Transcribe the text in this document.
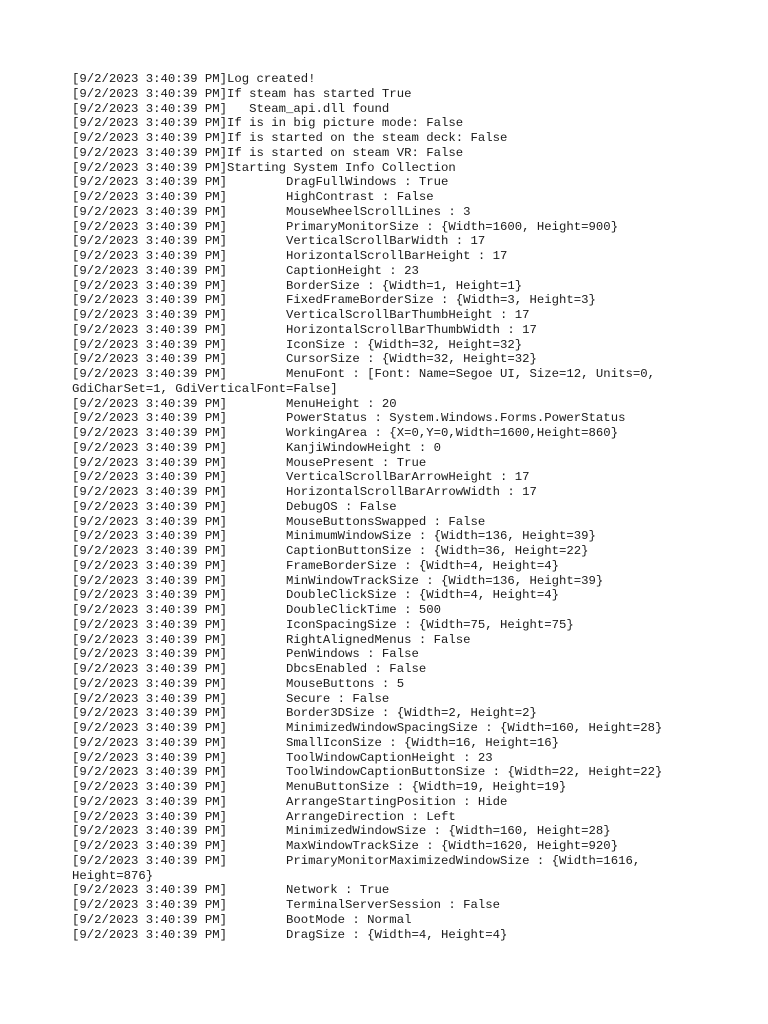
[9/2/2023 3:40:39 PM]Log created!
[9/2/2023 3:40:39 PM]If steam has started True
[9/2/2023 3:40:39 PM]   Steam_api.dll found
[9/2/2023 3:40:39 PM]If is in big picture mode: False
[9/2/2023 3:40:39 PM]If is started on the steam deck: False
[9/2/2023 3:40:39 PM]If is started on steam VR: False
[9/2/2023 3:40:39 PM]Starting System Info Collection
[9/2/2023 3:40:39 PM]        DragFullWindows : True
[9/2/2023 3:40:39 PM]        HighContrast : False
[9/2/2023 3:40:39 PM]        MouseWheelScrollLines : 3
[9/2/2023 3:40:39 PM]        PrimaryMonitorSize : {Width=1600, Height=900}
[9/2/2023 3:40:39 PM]        VerticalScrollBarWidth : 17
[9/2/2023 3:40:39 PM]        HorizontalScrollBarHeight : 17
[9/2/2023 3:40:39 PM]        CaptionHeight : 23
[9/2/2023 3:40:39 PM]        BorderSize : {Width=1, Height=1}
[9/2/2023 3:40:39 PM]        FixedFrameBorderSize : {Width=3, Height=3}
[9/2/2023 3:40:39 PM]        VerticalScrollBarThumbHeight : 17
[9/2/2023 3:40:39 PM]        HorizontalScrollBarThumbWidth : 17
[9/2/2023 3:40:39 PM]        IconSize : {Width=32, Height=32}
[9/2/2023 3:40:39 PM]        CursorSize : {Width=32, Height=32}
[9/2/2023 3:40:39 PM]        MenuFont : [Font: Name=Segoe UI, Size=12, Units=0,
GdiCharSet=1, GdiVerticalFont=False]
[9/2/2023 3:40:39 PM]        MenuHeight : 20
[9/2/2023 3:40:39 PM]        PowerStatus : System.Windows.Forms.PowerStatus
[9/2/2023 3:40:39 PM]        WorkingArea : {X=0,Y=0,Width=1600,Height=860}
[9/2/2023 3:40:39 PM]        KanjiWindowHeight : 0
[9/2/2023 3:40:39 PM]        MousePresent : True
[9/2/2023 3:40:39 PM]        VerticalScrollBarArrowHeight : 17
[9/2/2023 3:40:39 PM]        HorizontalScrollBarArrowWidth : 17
[9/2/2023 3:40:39 PM]        DebugOS : False
[9/2/2023 3:40:39 PM]        MouseButtonsSwapped : False
[9/2/2023 3:40:39 PM]        MinimumWindowSize : {Width=136, Height=39}
[9/2/2023 3:40:39 PM]        CaptionButtonSize : {Width=36, Height=22}
[9/2/2023 3:40:39 PM]        FrameBorderSize : {Width=4, Height=4}
[9/2/2023 3:40:39 PM]        MinWindowTrackSize : {Width=136, Height=39}
[9/2/2023 3:40:39 PM]        DoubleClickSize : {Width=4, Height=4}
[9/2/2023 3:40:39 PM]        DoubleClickTime : 500
[9/2/2023 3:40:39 PM]        IconSpacingSize : {Width=75, Height=75}
[9/2/2023 3:40:39 PM]        RightAlignedMenus : False
[9/2/2023 3:40:39 PM]        PenWindows : False
[9/2/2023 3:40:39 PM]        DbcsEnabled : False
[9/2/2023 3:40:39 PM]        MouseButtons : 5
[9/2/2023 3:40:39 PM]        Secure : False
[9/2/2023 3:40:39 PM]        Border3DSize : {Width=2, Height=2}
[9/2/2023 3:40:39 PM]        MinimizedWindowSpacingSize : {Width=160, Height=28}
[9/2/2023 3:40:39 PM]        SmallIconSize : {Width=16, Height=16}
[9/2/2023 3:40:39 PM]        ToolWindowCaptionHeight : 23
[9/2/2023 3:40:39 PM]        ToolWindowCaptionButtonSize : {Width=22, Height=22}
[9/2/2023 3:40:39 PM]        MenuButtonSize : {Width=19, Height=19}
[9/2/2023 3:40:39 PM]        ArrangeStartingPosition : Hide
[9/2/2023 3:40:39 PM]        ArrangeDirection : Left
[9/2/2023 3:40:39 PM]        MinimizedWindowSize : {Width=160, Height=28}
[9/2/2023 3:40:39 PM]        MaxWindowTrackSize : {Width=1620, Height=920}
[9/2/2023 3:40:39 PM]        PrimaryMonitorMaximizedWindowSize : {Width=1616,
Height=876}
[9/2/2023 3:40:39 PM]        Network : True
[9/2/2023 3:40:39 PM]        TerminalServerSession : False
[9/2/2023 3:40:39 PM]        BootMode : Normal
[9/2/2023 3:40:39 PM]        DragSize : {Width=4, Height=4}
